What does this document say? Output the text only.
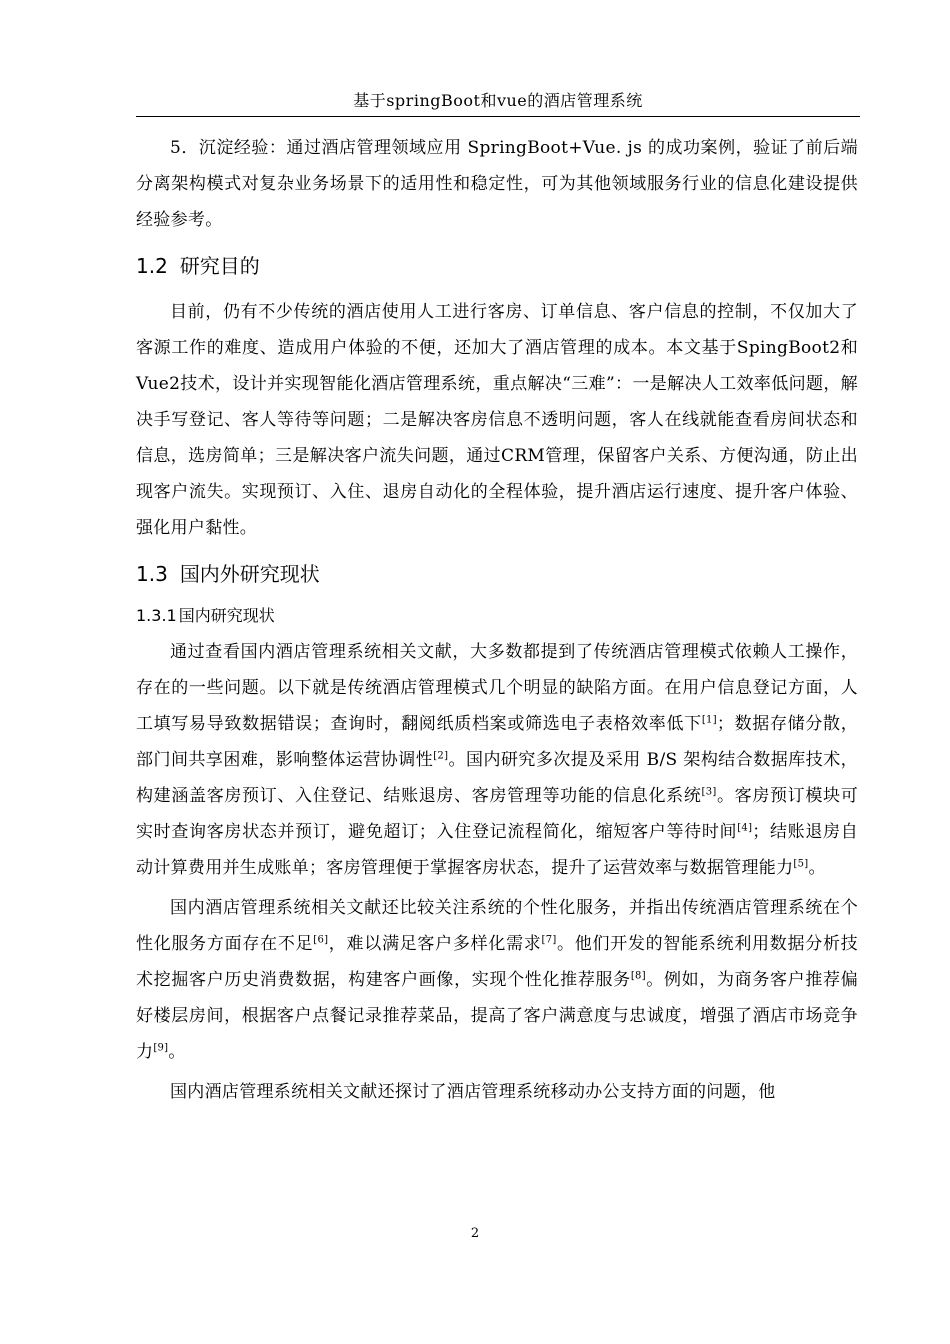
基于springBoot和vue的酒店管理系统

5．沉淀经验：通过酒店管理领域应用 SpringBoot+Vue. js 的成功案例，验证了前后端分离架构模式对复杂业务场景下的适用性和稳定性，可为其他领域服务行业的信息化建设提供经验参考。

1.2 研究目的

目前，仍有不少传统的酒店使用人工进行客房、订单信息、客户信息的控制，不仅加大了客源工作的难度、造成用户体验的不便，还加大了酒店管理的成本。本文基于SpingBoot2和Vue2技术，设计并实现智能化酒店管理系统，重点解决“三难”：一是解决人工效率低问题，解决手写登记、客人等待等问题；二是解决客房信息不透明问题，客人在线就能查看房间状态和信息，选房简单；三是解决客户流失问题，通过CRM管理，保留客户关系、方便沟通，防止出现客户流失。实现预订、入住、退房自动化的全程体验，提升酒店运行速度、提升客户体验、强化用户黏性。

1.3 国内外研究现状
1.3.1 国内研究现状

通过查看国内酒店管理系统相关文献，大多数都提到了传统酒店管理模式依赖人工操作，存在的一些问题。以下就是传统酒店管理模式几个明显的缺陷方面。在用户信息登记方面，人工填写易导致数据错误；查询时，翻阅纸质档案或筛选电子表格效率低下[1]；数据存储分散，部门间共享困难，影响整体运营协调性[2]。国内研究多次提及采用 B/S 架构结合数据库技术，构建涵盖客房预订、入住登记、结账退房、客房管理等功能的信息化系统[3]。客房预订模块可实时查询客房状态并预订，避免超订；入住登记流程简化，缩短客户等待时间[4]；结账退房自动计算费用并生成账单；客房管理便于掌握客房状态，提升了运营效率与数据管理能力[5]。

国内酒店管理系统相关文献还比较关注系统的个性化服务，并指出传统酒店管理系统在个性化服务方面存在不足[6]，难以满足客户多样化需求[7]。他们开发的智能系统利用数据分析技术挖掘客户历史消费数据，构建客户画像，实现个性化推荐服务[8]。例如，为商务客户推荐偏好楼层房间，根据客户点餐记录推荐菜品，提高了客户满意度与忠诚度，增强了酒店市场竞争力[9]。

国内酒店管理系统相关文献还探讨了酒店管理系统移动办公支持方面的问题，他

2
